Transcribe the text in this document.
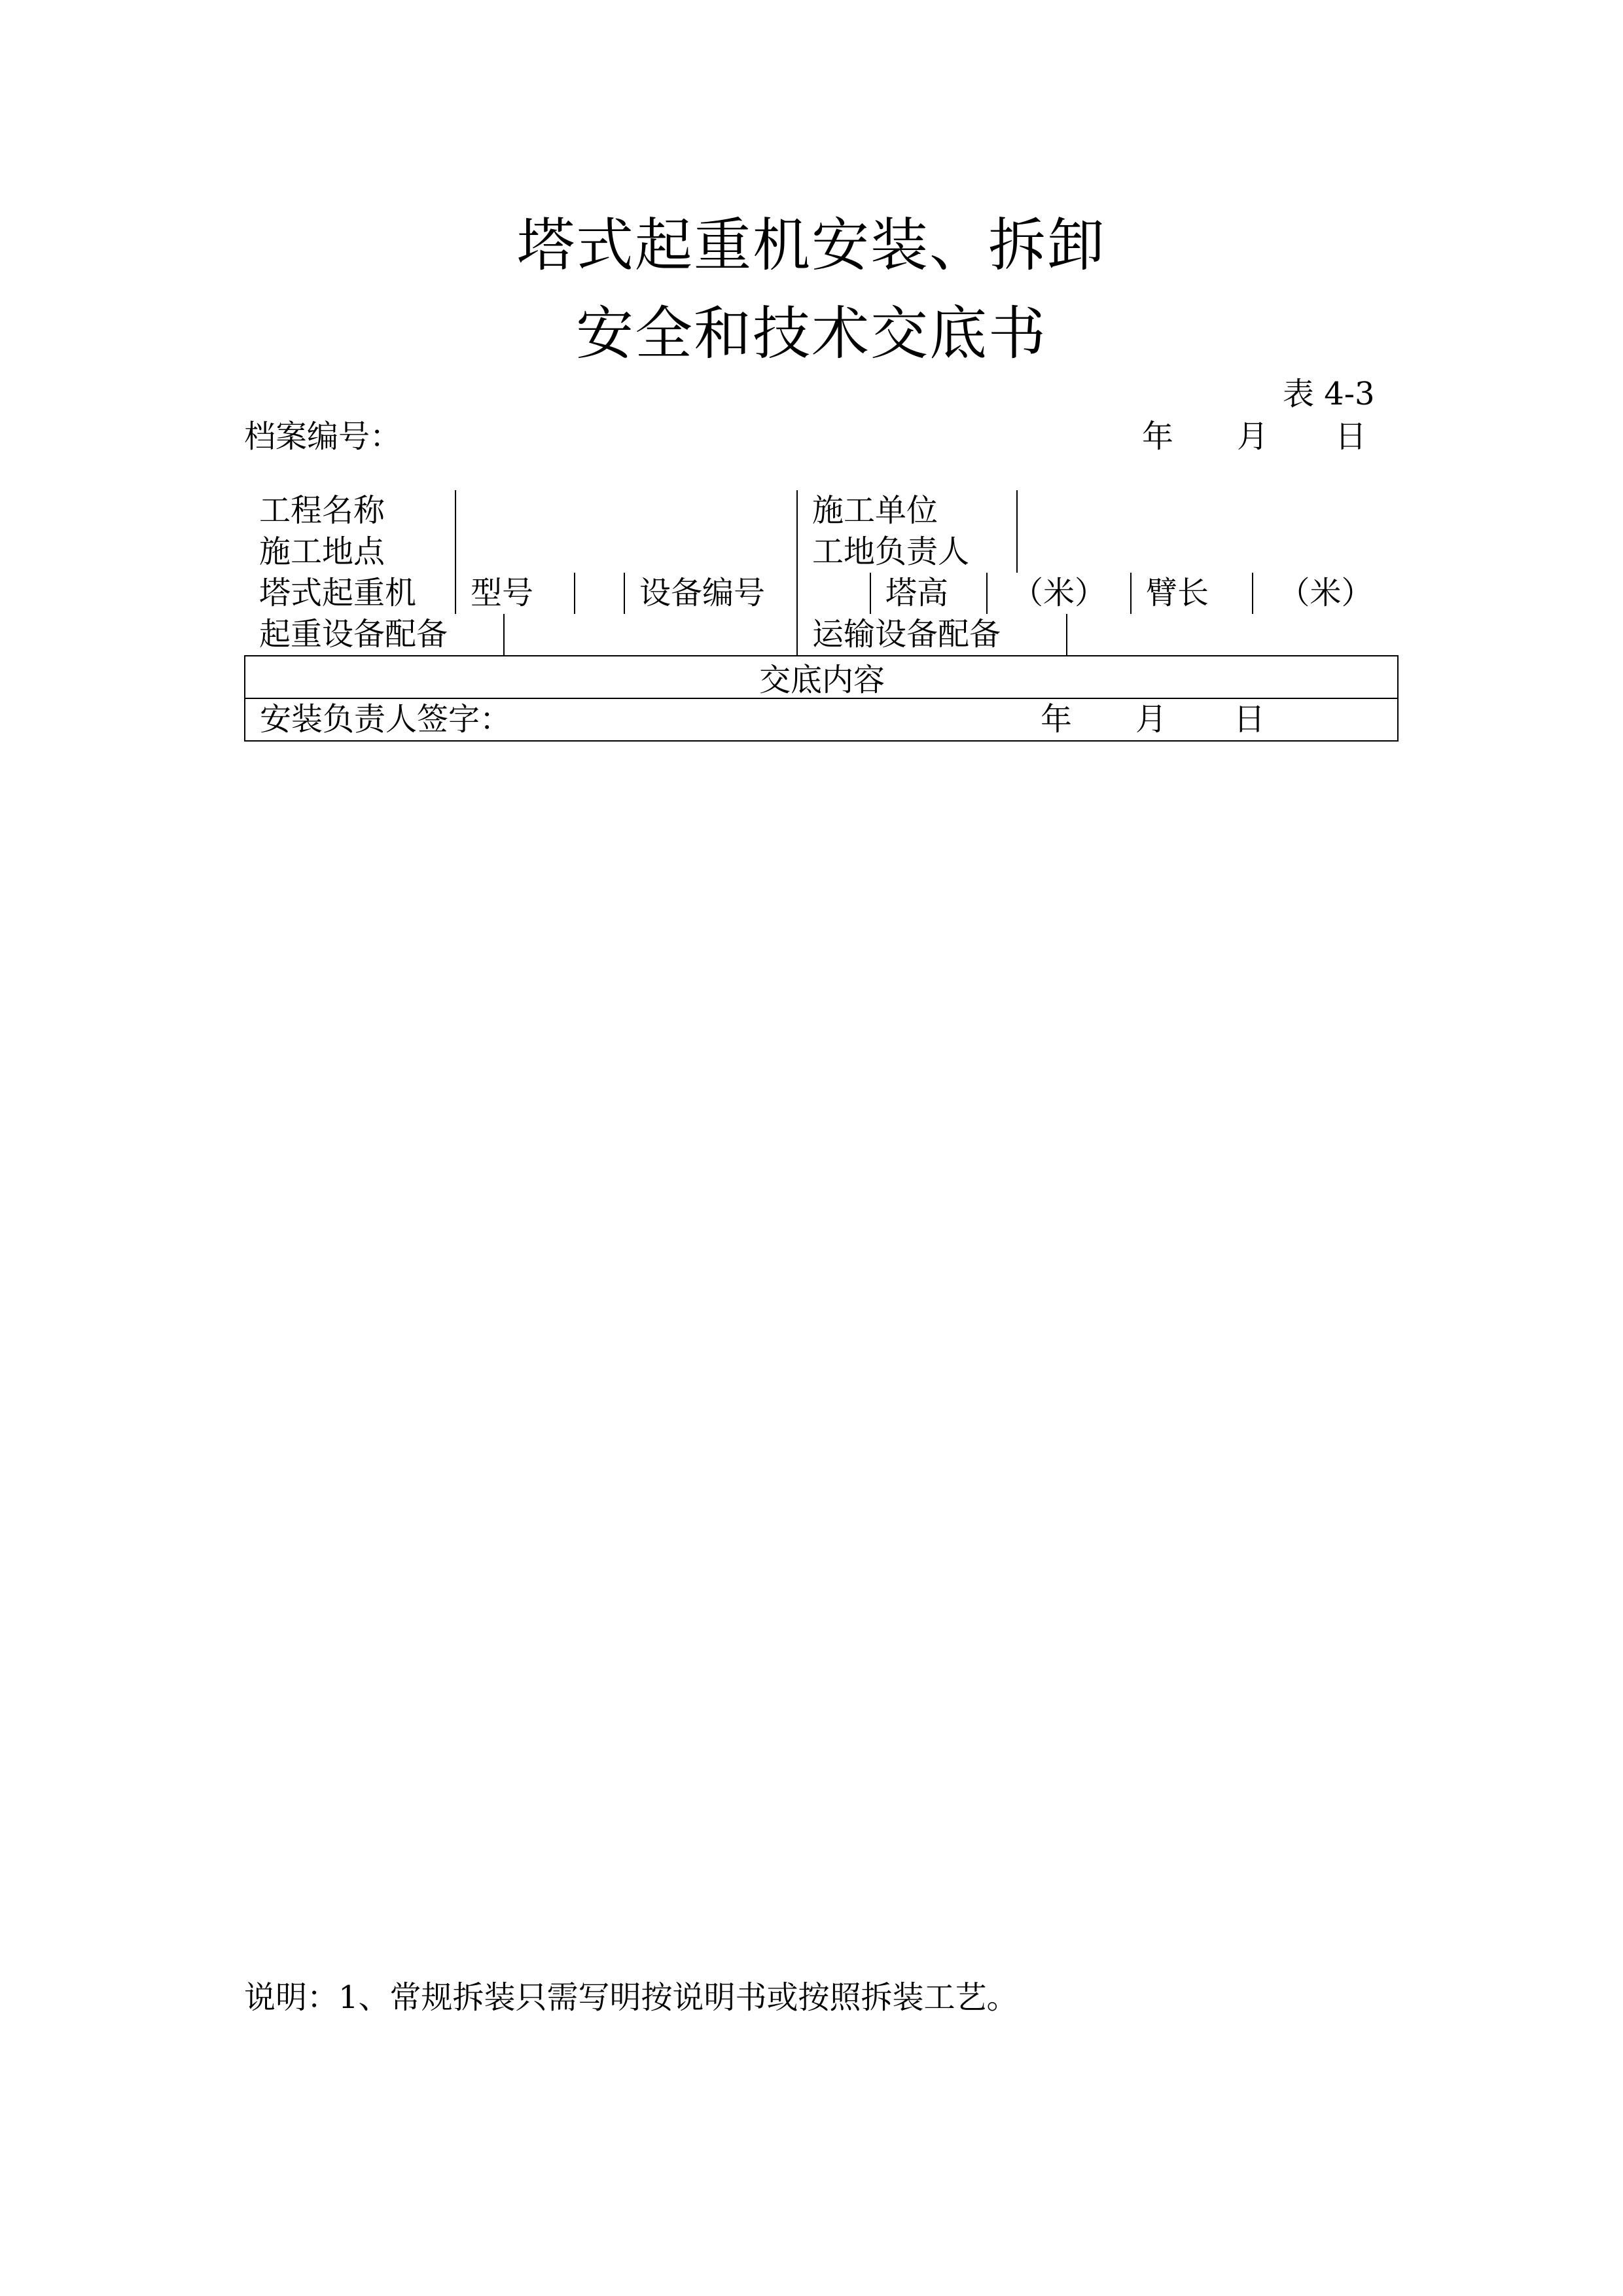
塔式起重机安装、拆卸
安全和技术交底书
表 4-3
档案编号：	年 月 日
工程名称		施工单位	

施工地点		工地负责人	

塔式起重机	型号		设备编号		塔高	（米）	臂长	（米）

起重设备配备		运输设备配备	

交底内容

安装负责人签字：	年 月 日
说明：1、常规拆装只需写明按说明书或按照拆装工艺。
